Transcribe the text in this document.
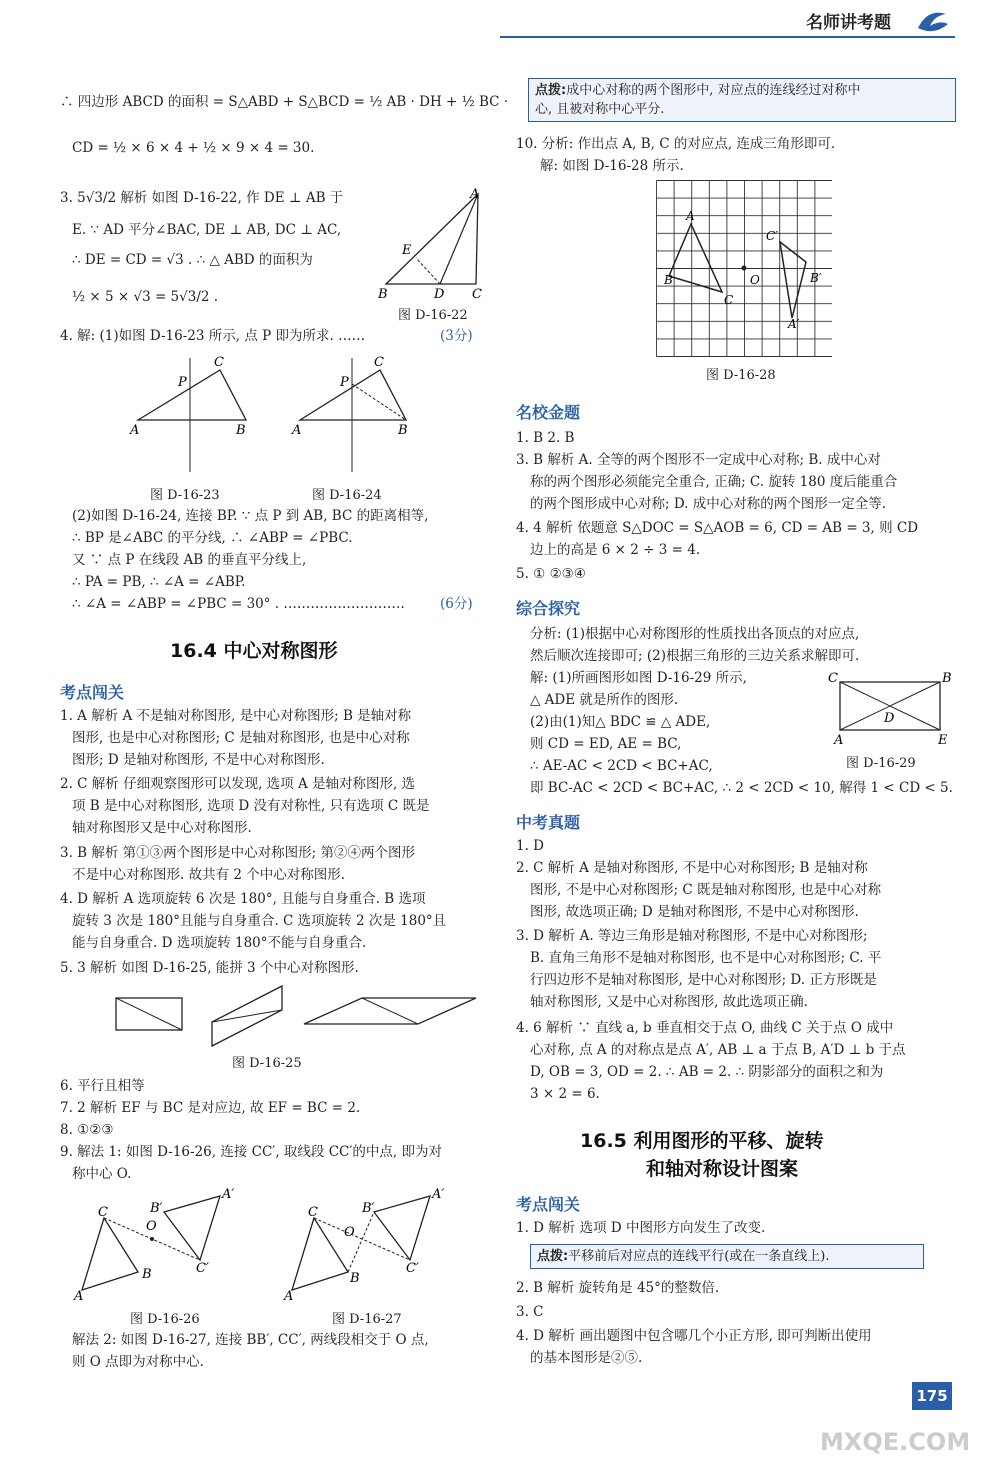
名师讲考题
∴ 四边形 ABCD 的面积 = S△ABD + S△BCD = ½ AB · DH + ½ BC ·
CD = ½ × 6 × 4 + ½ × 9 × 4 = 30.
3. 5√3/2 解析 如图 D-16-22, 作 DE ⊥ AB 于
E. ∵ AD 平分∠BAC, DE ⊥ AB, DC ⊥ AC,
∴ DE = CD = √3 . ∴ △ ABD 的面积为
½ × 5 × √3 = 5√3/2 .
A
B	D C
E
图 D-16-22
4. 解: (1)如图 D-16-23 所示, 点 P 即为所求. ……	(3分)
A	B
C
P
图 D-16-23
A	B
C
P
图 D-16-24
(2)如图 D-16-24, 连接 BP. ∵ 点 P 到 AB, BC 的距离相等,
∴ BP 是∠ABC 的平分线, ∴ ∠ABP = ∠PBC.
又 ∵ 点 P 在线段 AB 的垂直平分线上,
∴ PA = PB, ∴ ∠A = ∠ABP.
∴ ∠A = ∠ABP = ∠PBC = 30° . ………………………	(6分)
16.4 中心对称图形
考点闯关
1. A 解析 A 不是轴对称图形, 是中心对称图形; B 是轴对称
图形, 也是中心对称图形; C 是轴对称图形, 也是中心对称
图形; D 是轴对称图形, 不是中心对称图形.
2. C 解析 仔细观察图形可以发现, 选项 A 是轴对称图形, 选
项 B 是中心对称图形, 选项 D 没有对称性, 只有选项 C 既是
轴对称图形又是中心对称图形.
3. B 解析 第①③两个图形是中心对称图形; 第②④两个图形
不是中心对称图形. 故共有 2 个中心对称图形.
4. D 解析 A 选项旋转 6 次是 180°, 且能与自身重合. B 选项
旋转 3 次是 180°且能与自身重合. C 选项旋转 2 次是 180°且
能与自身重合. D 选项旋转 180°不能与自身重合.
5. 3 解析 如图 D-16-25, 能拼 3 个中心对称图形.
图 D-16-25
6. 平行且相等
7. 2 解析 EF 与 BC 是对应边, 故 EF = BC = 2.
8. ①②③
9. 解法 1: 如图 D-16-26, 连接 CC′, 取线段 CC′的中点, 即为对
称中心 O.
C
A
B
O
B′
A′
C′
图 D-16-26
C
A
B
O
B′
A′
C′
图 D-16-27
解法 2: 如图 D-16-27, 连接 BB′, CC′, 两线段相交于 O 点,
则 O 点即为对称中心.
点拨:成中心对称的两个图形中, 对应点的连线经过对称中
心, 且被对称中心平分.
10. 分析: 作出点 A, B, C 的对应点, 连成三角形即可.
解: 如图 D-16-28 所示.
A
B
C
O
C′
B′
A′
图 D-16-28
名校金题
1. B 2. B
3. B 解析 A. 全等的两个图形不一定成中心对称; B. 成中心对
称的两个图形必须能完全重合, 正确; C. 旋转 180 度后能重合
的两个图形成中心对称; D. 成中心对称的两个图形一定全等.
4. 4 解析 依题意 S△DOC = S△AOB = 6, CD = AB = 3, 则 CD
边上的高是 6 × 2 ÷ 3 = 4.
5. ① ②③④
综合探究
分析: (1)根据中心对称图形的性质找出各顶点的对应点,
然后顺次连接即可; (2)根据三角形的三边关系求解即可.
解: (1)所画图形如图 D-16-29 所示,
△ ADE 就是所作的图形.
(2)由(1)知△ BDC ≌ △ ADE,
则 CD = ED, AE = BC,
∴ AE-AC < 2CD < BC+AC,
即 BC-AC < 2CD < BC+AC, ∴ 2 < 2CD < 10, 解得 1 < CD < 5.
C	B
A	E
D
图 D-16-29
中考真题
1. D
2. C 解析 A 是轴对称图形, 不是中心对称图形; B 是轴对称
图形, 不是中心对称图形; C 既是轴对称图形, 也是中心对称
图形, 故选项正确; D 是轴对称图形, 不是中心对称图形.
3. D 解析 A. 等边三角形是轴对称图形, 不是中心对称图形;
B. 直角三角形不是轴对称图形, 也不是中心对称图形; C. 平
行四边形不是轴对称图形, 是中心对称图形; D. 正方形既是
轴对称图形, 又是中心对称图形, 故此选项正确.
4. 6 解析 ∵ 直线 a, b 垂直相交于点 O, 曲线 C 关于点 O 成中
心对称, 点 A 的对称点是点 A′, AB ⊥ a 于点 B, A′D ⊥ b 于点
D, OB = 3, OD = 2. ∴ AB = 2. ∴ 阴影部分的面积之和为
3 × 2 = 6.
16.5 利用图形的平移、旋转
和轴对称设计图案
考点闯关
1. D 解析 选项 D 中图形方向发生了改变.
点拨:平移前后对应点的连线平行(或在一条直线上).
2. B 解析 旋转角是 45°的整数倍.
3. C
4. D 解析 画出题图中包含哪几个小正方形, 即可判断出使用
的基本图形是②⑤.
175
MXQE.COM
